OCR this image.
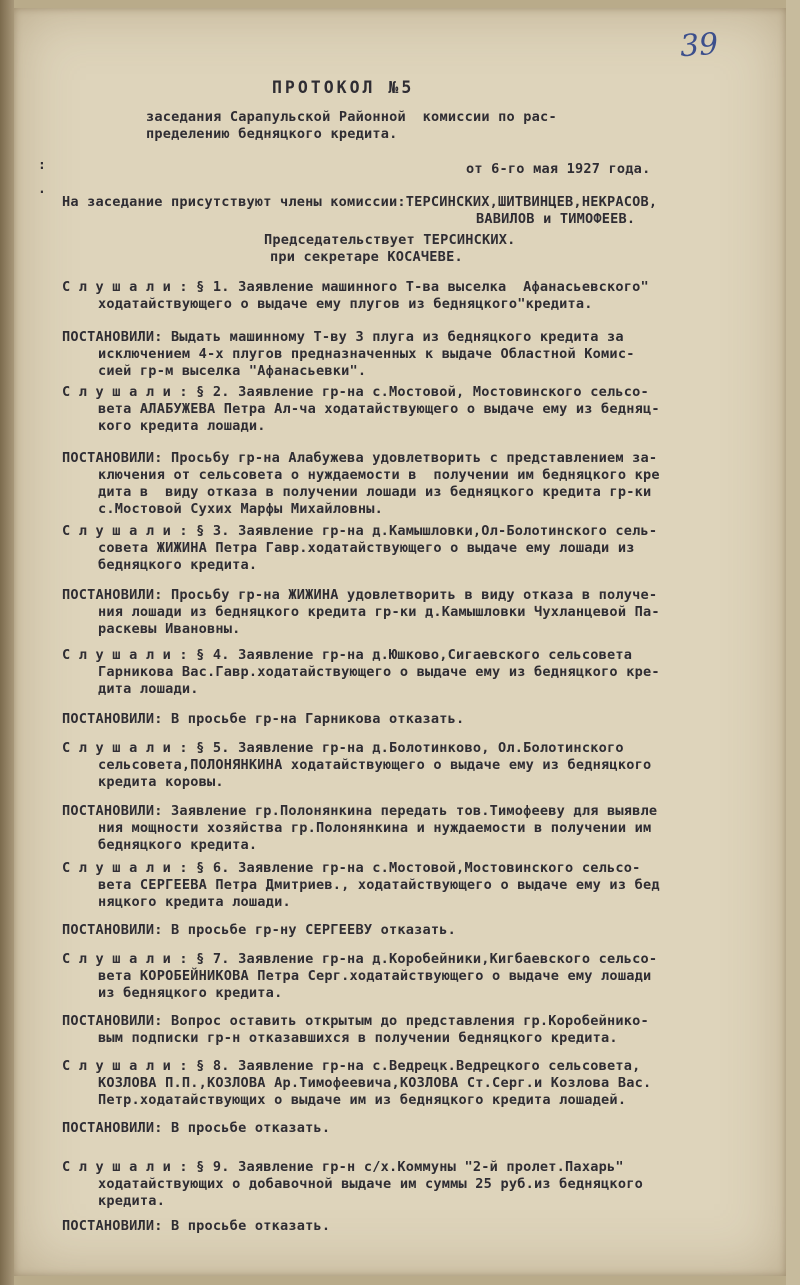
39
ПРОТОКОЛ №5
заседания Сарапульской Районной  комиссии по рас-
пределению бедняцкого кредита.
:	от 6-го мая 1927 года.
.
На заседание присутствуют члены комиссии:ТЕРСИНСКИХ,ШИТВИНЦЕВ,НЕКРАСОВ,
ВАВИЛОВ и ТИМОФЕЕВ.
Председательствует ТЕРСИНСКИХ.
при секретаре КОСАЧЕВЕ.
С л у ш а л и : § 1. Заявление машинного Т-ва выселка  Афанасьевского"
ходатайствующего о выдаче ему плугов из бедняцкого"кредита.
ПОСТАНОВИЛИ: Выдать машинному Т-ву 3 плуга из бедняцкого кредита за
исключением 4-х плугов предназначенных к выдаче Областной Комис-
сией гр-м выселка "Афанасьевки".
С л у ш а л и : § 2. Заявление гр-на с.Мостовой, Мостовинского сельсо-
вета АЛАБУЖЕВА Петра Ал-ча ходатайствующего о выдаче ему из бедняц-
кого кредита лошади.
ПОСТАНОВИЛИ: Просьбу гр-на Алабужева удовлетворить с представлением за-
ключения от сельсовета о нуждаемости в  получении им бедняцкого кре
дита в  виду отказа в получении лошади из бедняцкого кредита гр-ки
с.Мостовой Сухих Марфы Михайловны.
С л у ш а л и : § 3. Заявление гр-на д.Камышловки,Ол-Болотинского сель-
совета ЖИЖИНА Петра Гавр.ходатайствующего о выдаче ему лошади из
бедняцкого кредита.
ПОСТАНОВИЛИ: Просьбу гр-на ЖИЖИНА удовлетворить в виду отказа в получе-
ния лошади из бедняцкого кредита гр-ки д.Камышловки Чухланцевой Па-
раскевы Ивановны.
С л у ш а л и : § 4. Заявление гр-на д.Юшково,Сигаевского сельсовета
Гарникова Вас.Гавр.ходатайствующего о выдаче ему из бедняцкого кре-
дита лошади.
ПОСТАНОВИЛИ: В просьбе гр-на Гарникова отказать.
С л у ш а л и : § 5. Заявление гр-на д.Болотинково, Ол.Болотинского
сельсовета,ПОЛОНЯНКИНА ходатайствующего о выдаче ему из бедняцкого
кредита коровы.
ПОСТАНОВИЛИ: Заявление гр.Полонянкина передать тов.Тимофееву для выявле
ния мощности хозяйства гр.Полонянкина и нуждаемости в получении им
бедняцкого кредита.
С л у ш а л и : § 6. Заявление гр-на с.Мостовой,Мостовинского сельсо-
вета СЕРГЕЕВА Петра Дмитриев., ходатайствующего о выдаче ему из бед
няцкого кредита лошади.
ПОСТАНОВИЛИ: В просьбе гр-ну СЕРГЕЕВУ отказать.
С л у ш а л и : § 7. Заявление гр-на д.Коробейники,Кигбаевского сельсо-
вета КОРОБЕЙНИКОВА Петра Серг.ходатайствующего о выдаче ему лошади
из бедняцкого кредита.
ПОСТАНОВИЛИ: Вопрос оставить открытым до представления гр.Коробейнико-
вым подписки гр-н отказавшихся в получении бедняцкого кредита.
С л у ш а л и : § 8. Заявление гр-на с.Ведрецк.Ведрецкого сельсовета,
КОЗЛОВА П.П.,КОЗЛОВА Ар.Тимофеевича,КОЗЛОВА Ст.Серг.и Козлова Вас.
Петр.ходатайствующих о выдаче им из бедняцкого кредита лошадей.
ПОСТАНОВИЛИ: В просьбе отказать.
С л у ш а л и : § 9. Заявление гр-н с/х.Коммуны "2-й пролет.Пахарь"
ходатайствующих о добавочной выдаче им суммы 25 руб.из бедняцкого
кредита.
ПОСТАНОВИЛИ: В просьбе отказать.
